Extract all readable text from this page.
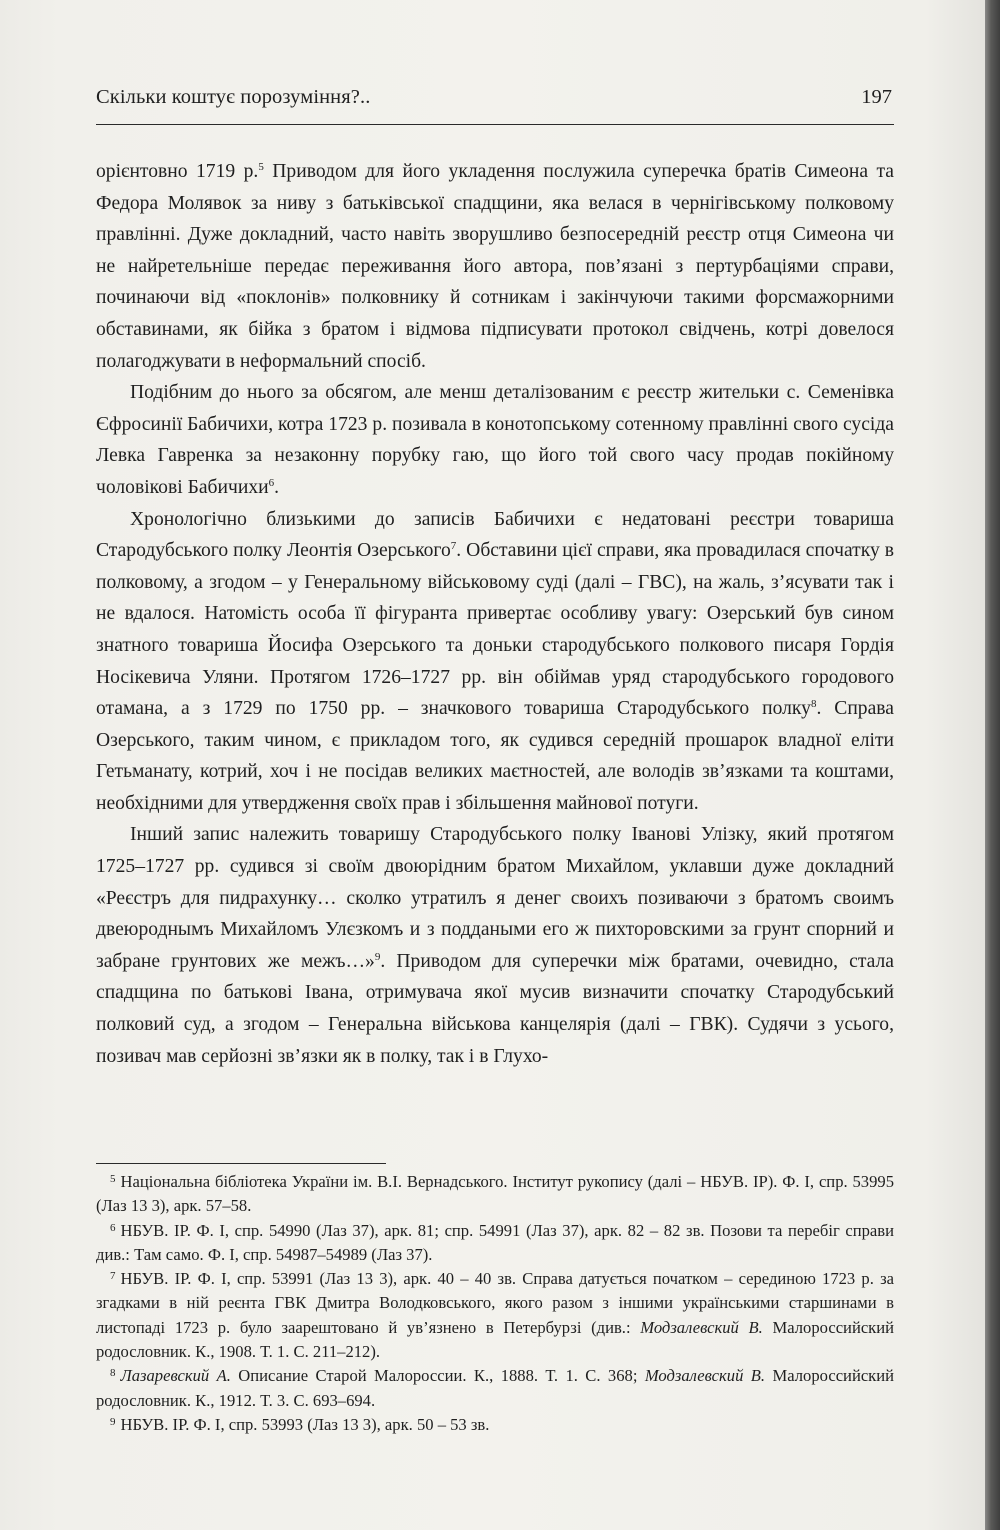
Скільки коштує порозуміння?..	197

орієнтовно 1719 р.$^5$ Приводом для його укладення послужила суперечка братів Симеона та Федора Молявок за ниву з батьківської спадщини, яка велася в чернігівському полковому правлінні. Дуже докладний, часто навіть зворушливо безпосередній реєстр отця Симеона чи не найретельніше передає переживання його автора, пов’язані з пертурбаціями справи, починаючи від «поклонів» полковнику й сотникам і закінчуючи такими форсмажорними обставинами, як бійка з братом і відмова підписувати протокол свідчень, котрі довелося полагоджувати в неформальний спосіб.

Подібним до нього за обсягом, але менш деталізованим є реєстр жительки с. Семенівка Єфросинії Бабичихи, котра 1723 р. позивала в конотопському сотенному правлінні свого сусіда Левка Гавренка за незаконну порубку гаю, що його той свого часу продав покійному чоловікові Бабичихи$^6$.

Хронологічно близькими до записів Бабичихи є недатовані реєстри товариша Стародубського полку Леонтія Озерського$^7$. Обставини цієї справи, яка провадилася спочатку в полковому, а згодом – у Генеральному військовому суді (далі – ГВС), на жаль, з’ясувати так і не вдалося. Натомість особа її фігуранта привертає особливу увагу: Озерський був сином знатного товариша Йосифа Озерського та доньки стародубського полкового писаря Гордія Носікевича Уляни. Протягом 1726–1727 рр. він обіймав уряд стародубського городового отамана, а з 1729 по 1750 рр. – значкового товариша Стародубського полку$^8$. Справа Озерського, таким чином, є прикладом того, як судився середній прошарок владної еліти Гетьманату, котрий, хоч і не посідав великих маєтностей, але володів зв’язками та коштами, необхідними для утвердження своїх прав і збільшення майнової потуги.

Інший запис належить товаришу Стародубського полку Іванові Улізку, який протягом 1725–1727 рр. судився зі своїм двоюрідним братом Михайлом, уклавши дуже докладний «Реєстръ для пидрахунку… сколко утратилъ я денег своихъ позиваючи з братомъ своимъ двеюроднымъ Михайломъ Улєзкомъ и з поддаными его ж пихторовскими за грунт спорний и забране грунтових же межъ…»$^9$. Приводом для суперечки між братами, очевидно, стала спадщина по батькові Івана, отримувача якої мусив визначити спочатку Стародубський полковий суд, а згодом – Генеральна військова канцелярія (далі – ГВК). Судячи з усього, позивач мав серйозні зв’язки як в полку, так і в Глухо-

$^5$ Національна бібліотека України ім. В.І. Вернадського. Інститут рукопису (далі – НБУВ. ІР). Ф. І, спр. 53995 (Лаз 13 3), арк. 57–58.

$^6$ НБУВ. ІР. Ф. І, спр. 54990 (Лаз 37), арк. 81; спр. 54991 (Лаз 37), арк. 82 – 82 зв. Позови та перебіг справи див.: Там само. Ф. І, спр. 54987–54989 (Лаз 37).

$^7$ НБУВ. ІР. Ф. І, спр. 53991 (Лаз 13 3), арк. 40 – 40 зв. Справа датується початком – серединою 1723 р. за згадками в ній реєнта ГВК Дмитра Володковського, якого разом з іншими українськими старшинами в листопаді 1723 р. було заарештовано й ув’язнено в Петербурзі (див.: Модзалевский В. Малороссийский родословник. К., 1908. Т. 1. С. 211–212).

$^8$ Лазаревский А. Описание Старой Малороссии. К., 1888. Т. 1. С. 368; Модзалевский В. Малороссийский родословник. К., 1912. Т. 3. С. 693–694.

$^9$ НБУВ. ІР. Ф. І, спр. 53993 (Лаз 13 3), арк. 50 – 53 зв.
